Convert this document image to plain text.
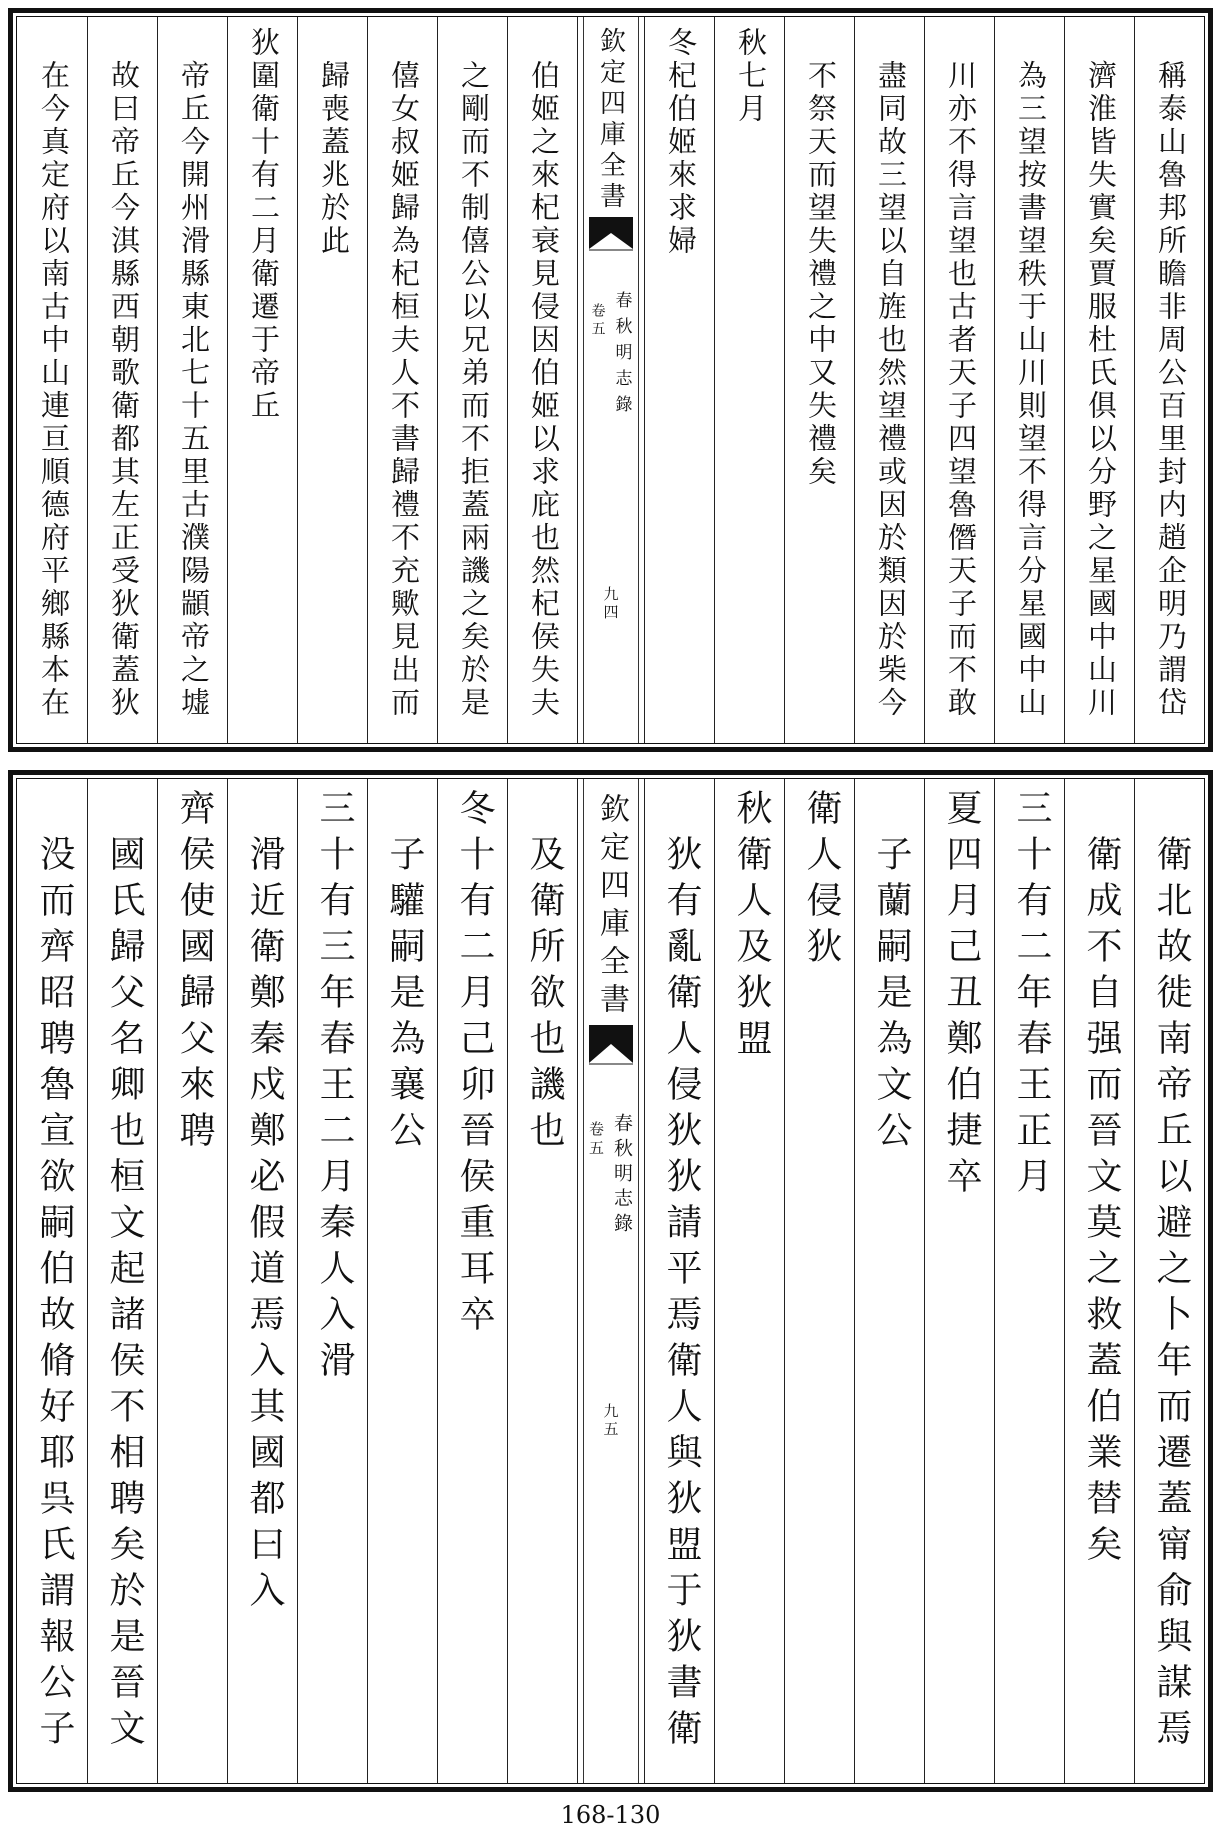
稱泰山魯邦所瞻非周公百里封内趙企明乃謂岱
濟淮皆失實矣賈服杜氏俱以分野之星國中山川
為三望按書望秩于山川則望不得言分星國中山
川亦不得言望也古者天子四望魯僭天子而不敢
盡同故三望以自旌也然望禮或因於類因於柴今
不祭天而望失禮之中又失禮矣
秋七月
冬杞伯姬來求婦
欽定四庫全書
春秋明志錄
卷五
九四
伯姬之來杞衰見侵因伯姬以求庇也然杞侯失夫
之剛而不制僖公以兄弟而不拒蓋兩譏之矣於是
僖女叔姬歸為杞桓夫人不書歸禮不充歟見出而
歸喪蓋兆於此
狄圍衛十有二月衛遷于帝丘
帝丘今開州滑縣東北七十五里古濮陽顓帝之墟
故曰帝丘今淇縣西朝歌衛都其左正受狄衛蓋狄
在今真定府以南古中山連亘順德府平鄉縣本在
衛北故徙南帝丘以避之卜年而遷蓋甯俞與謀焉
衛成不自强而晉文莫之救蓋伯業替矣
三十有二年春王正月
夏四月己丑鄭伯捷卒
子蘭嗣是為文公
衛人侵狄
秋衛人及狄盟
狄有亂衛人侵狄狄請平焉衛人與狄盟于狄書衛
欽定四庫全書
春秋明志錄
卷五
九五
及衛所欲也譏也
冬十有二月己卯晉侯重耳卒
子驩嗣是為襄公
三十有三年春王二月秦人入滑
滑近衛鄭秦戍鄭必假道焉入其國都曰入
齊侯使國歸父來聘
國氏歸父名卿也桓文起諸侯不相聘矣於是晉文
没而齊昭聘魯宣欲嗣伯故脩好耶呉氏謂報公子
168-130
